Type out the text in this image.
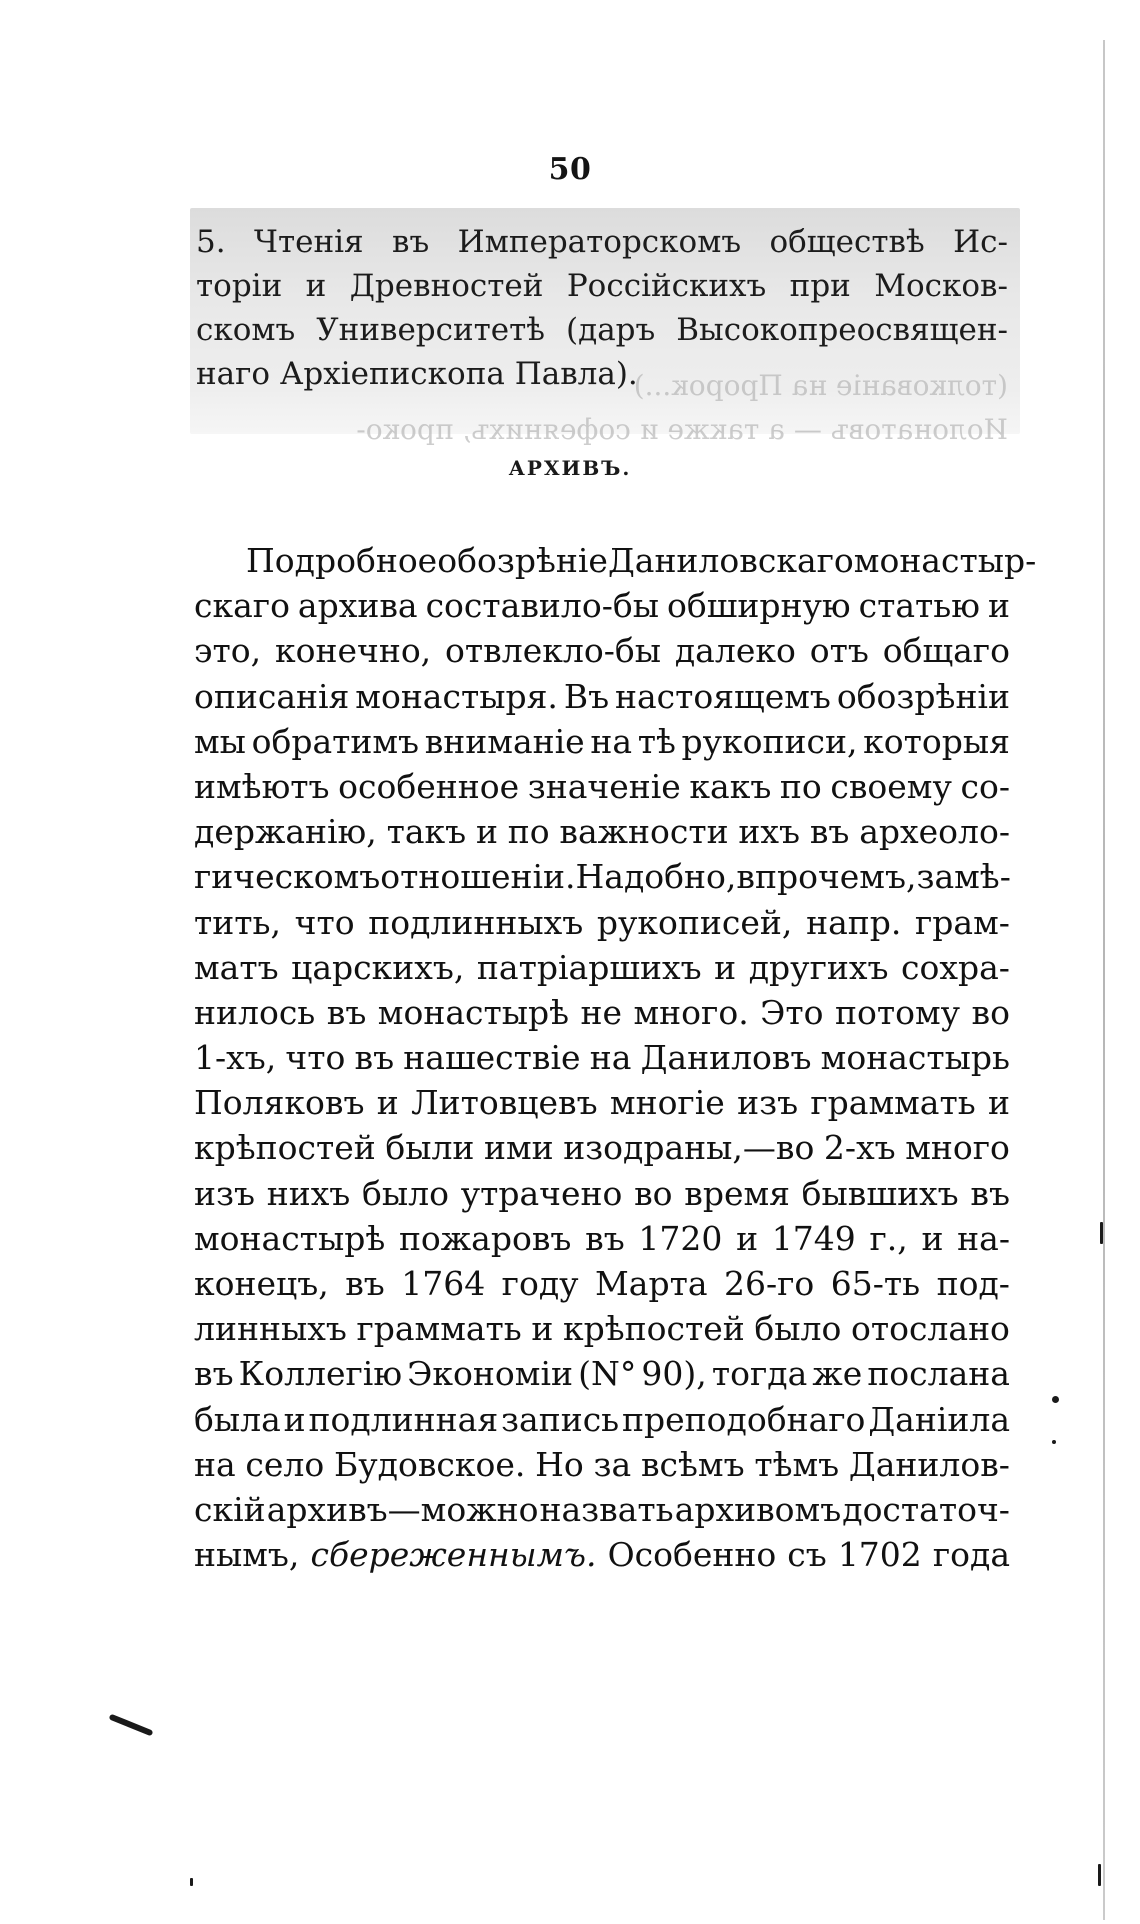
50
(толкованіе на Пророк...)
Иолонатовъ — а также и софеянихъ, проко-
5. Чтенія въ Императорскомъ обществѣ Ис-
торіи и Древностей Россійскихъ при Москов-
скомъ Университетѣ (даръ Высокопреосвящен-
наго Архіепископа Павла).
АРХИВЪ.
Подробное обозрѣніе Даниловскаго монастыр-
скаго архива составило-бы обширную статью и
это, конечно, отвлекло-бы далеко отъ общаго
описанія монастыря. Въ настоящемъ обозрѣніи
мы обратимъ вниманіе на тѣ рукописи, которыя
имѣютъ особенное значеніе какъ по своему со-
держанію, такъ и по важности ихъ въ археоло-
гическомъ отношеніи. Надобно, впрочемъ, замѣ-
тить, что подлинныхъ рукописей, напр. грам-
матъ царскихъ, патріаршихъ и другихъ сохра-
нилось въ монастырѣ не много. Это потому во
1-хъ, что въ нашествіе на Даниловъ монастырь
Поляковъ и Литовцевъ многіе изъ граммать и
крѣпостей были ими изодраны,—во 2-хъ много
изъ нихъ было утрачено во время бывшихъ въ
монастырѣ пожаровъ въ 1720 и 1749 г., и на-
конецъ, въ 1764 году Марта 26-го 65-ть под-
линныхъ граммать и крѣпостей было отослано
въ Коллегію Экономіи (N° 90), тогда же послана
была и подлинная запись преподобнаго Даніила
на село Будовское. Но за всѣмъ тѣмъ Данилов-
скій архивъ—можно назвать архивомъ достаточ-
нымъ, сбереженнымъ. Особенно съ 1702 года
